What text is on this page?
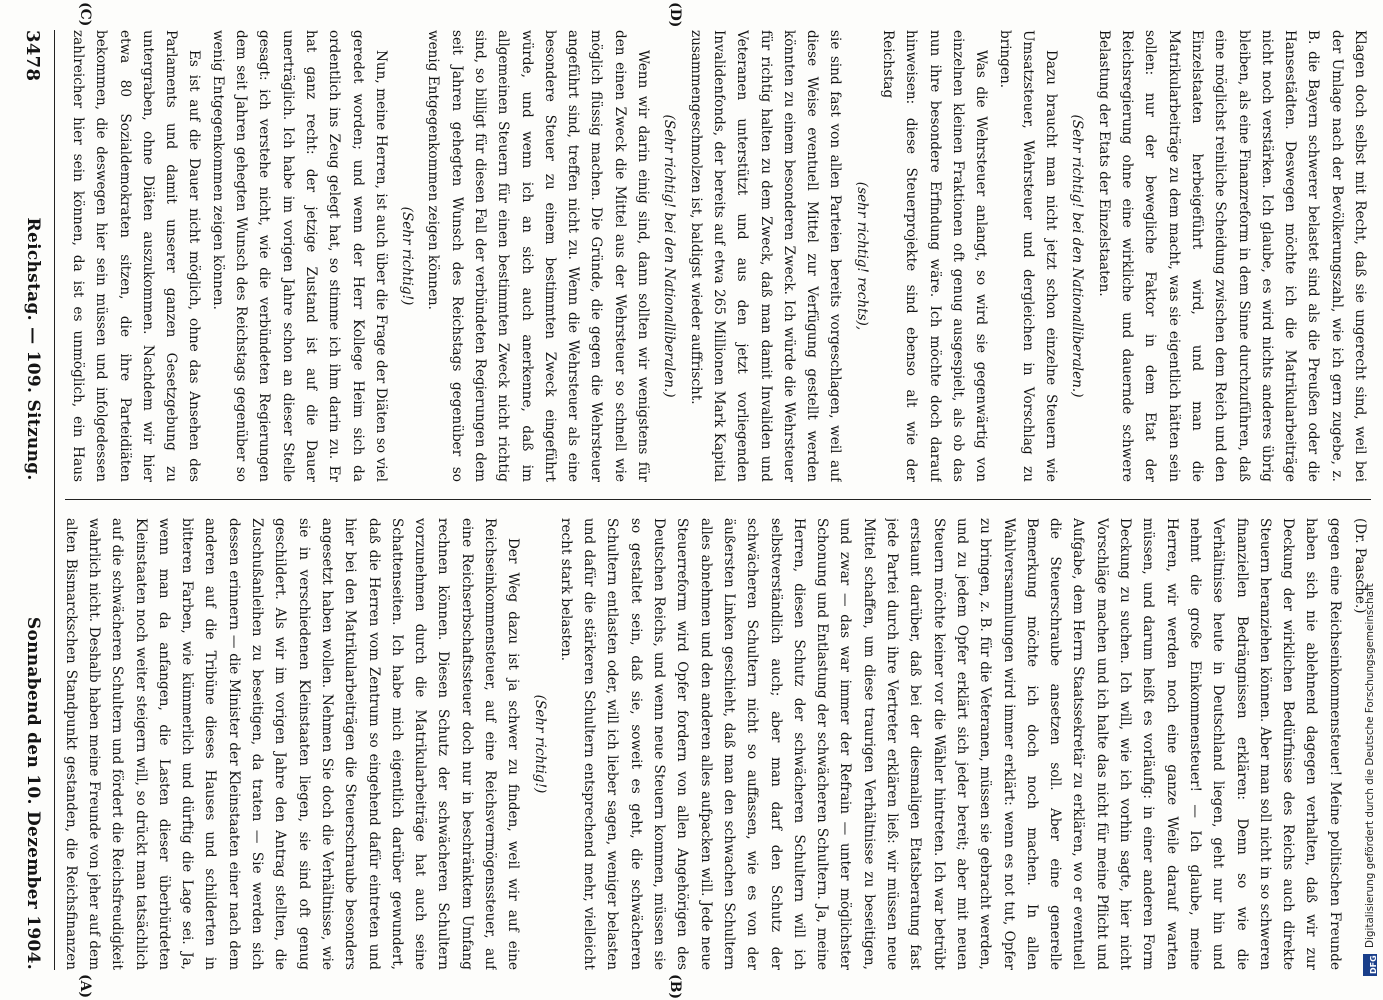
3478
Reichstag. — 109. Sitzung.
Sonnabend den 10. Dezember 1904.
(Dr. Paasche.)

gegen eine Reichseinkommensteuer! Meine politischen Freunde haben sich nie ablehnend dagegen verhalten, daß wir zur Deckung der wirklichen Bedürfnisse des Reichs auch direkte Steuern heranziehen können. Aber man soll nicht in so schweren finanziellen Bedrängnissen erklären: Denn so wie die Verhältnisse heute in Deutschland liegen, geht nur hin und nehmt die große Einkommensteuer! — Ich glaube, meine Herren, wir werden noch eine ganze Weile darauf warten müssen, und darum heißt es vorläufig: in einer anderen Form Deckung zu suchen. Ich will, wie ich vorhin sagte, hier nicht Vorschläge machen und ich halte das nicht für meine Pflicht und Aufgabe, dem Herrn Staatssekretär zu erklären, wo er eventuell die Steuerschraube ansetzen soll. Aber eine generelle Bemerkung möchte ich doch noch machen. In allen Wahlversammlungen wird immer erklärt: wenn es not tut, Opfer zu bringen, z. B. für die Veteranen, müssen sie gebracht werden, und zu jedem Opfer erklärt sich jeder bereit; aber mit neuen Steuern möchte keiner vor die Wähler hintreten. Ich war betrübt erstaunt darüber, daß bei der diesmaligen Etatsberatung fast jede Partei durch ihre Vertreter erklären ließ: wir müssen neue Mittel schaffen, um diese traurigen Verhältnisse zu beseitigen, und zwar — das war immer der Refrain — unter möglichster Schonung und Entlastung der schwächeren Schultern. Ja, meine Herren, diesen Schutz der schwächeren Schultern will ich selbstverständlich auch; aber man darf den Schutz der schwächeren Schultern nicht so auffassen, wie es von der äußersten Linken geschieht, daß man den schwachen Schultern alles abnehmen und den anderen alles aufpacken will. Jede neue Steuerreform wird Opfer fordern von allen Angehörigen des Deutschen Reichs, und wenn neue Steuern kommen, müssen sie so gestaltet sein, daß sie, soweit es geht, die schwächeren Schultern entlasten oder, will ich lieber sagen, weniger belasten und dafür die stärkeren Schultern entsprechend mehr, vielleicht recht stark belasten.

(Sehr richtig!)

Der Weg dazu ist ja schwer zu finden, weil wir auf eine Reichseinkommensteuer, auf eine Reichsvermögenssteuer, auf eine Reichserbschaftssteuer doch nur in beschränktem Umfang rechnen können. Diesen Schutz der schwächeren Schultern vorzunehmen durch die Matrikularbeiträge hat auch seine Schattenseiten. Ich habe mich eigentlich darüber gewundert, daß die Herren vom Zentrum so eingehend dafür eintreten und hier bei den Matrikularbeiträgen die Steuerschraube besonders angesetzt haben wollen. Nehmen Sie doch die Verhältnisse, wie sie in verschiedenen Kleinstaaten liegen, sie sind oft genug geschildert. Als wir im vorigen Jahre den Antrag stellten, die Zuschußanleihen zu beseitigen, da traten — Sie werden sich dessen erinnern — die Minister der Kleinstaaten einer nach dem anderen auf die Tribüne dieses Hauses und schilderten in bitteren Farben, wie kümmerlich und dürftig die Lage sei. Ja, wenn man da anfangen, die Lasten dieser überbürdeten Kleinstaaten noch weiter steigern will, so drückt man tatsächlich auf die schwächeren Schultern und fördert die Reichsfreudigkeit wahrlich nicht. Deshalb haben meine Freunde von jeher auf dem alten Bismarckschen Standpunkt gestanden, die Reichsfinanzen

Klagen doch selbst mit Recht, daß sie ungerecht sind, weil bei der Umlage nach der Bevölkerungszahl, wie ich gern zugebe, z. B. die Bayern schwerer belastet sind als die Preußen oder die Hansestädten. Deswegen möchte ich die Matrikularbeiträge nicht noch verstärken. Ich glaube, es wird nichts anderes übrig bleiben, als eine Finanzreform in dem Sinne durchzuführen, daß eine möglichst reinliche Scheidung zwischen dem Reich und den Einzelstaaten herbeigeführt wird, und man die Matrikularbeiträge zu dem macht, was sie eigentlich hätten sein sollen: nur der bewegliche Faktor in dem Etat der Reichsregierung ohne eine wirkliche und dauernde schwere Belastung der Etats der Einzelstaaten.

(Sehr richtig! bei den Nationalliberalen.)

Dazu braucht man nicht jetzt schon einzelne Steuern wie Umsatzsteuer, Wehrsteuer und dergleichen in Vorschlag zu bringen.

Was die Wehrsteuer anlangt, so wird sie gegenwärtig von einzelnen kleinen Fraktionen oft genug ausgespielt, als ob das nun ihre besondere Erfindung wäre. Ich möchte doch darauf hinweisen: diese Steuerprojekte sind ebenso alt wie der Reichstag

(sehr richtig! rechts),

sie sind fast von allen Parteien bereits vorgeschlagen, weil auf diese Weise eventuell Mittel zur Verfügung gestellt werden könnten zu einem besonderen Zweck. Ich würde die Wehrsteuer für richtig halten zu dem Zweck, daß man damit Invaliden und Veteranen unterstützt und aus den jetzt vorliegenden Invalidenfonds, der bereits auf etwa 265 Millionen Mark Kapital zusammengeschmolzen ist, baldigst wieder auffrischt.

(Sehr richtig! bei den Nationalliberalen.)

Wenn wir darin einig sind, dann sollten wir wenigstens für den einen Zweck die Mittel aus der Wehrsteuer so schnell wie möglich flüssig machen. Die Gründe, die gegen die Wehrsteuer angeführt sind, treffen nicht zu. Wenn die Wehrsteuer als eine besondere Steuer zu einem bestimmten Zweck eingeführt würde, und wenn ich an sich auch anerkenne, daß im allgemeinen Steuern für einen bestimmten Zweck nicht richtig sind, so billigt für diesen Fall der verbündeten Regierungen dem seit Jahren gehegten Wunsch des Reichstags gegenüber so wenig Entgegenkommen zeigen können.

(Sehr richtig!)

Nun, meine Herren, ist auch über die Frage der Diäten so viel geredet worden; und wenn der Herr Kollege Heim sich da ordentlich ins Zeug gelegt hat, so stimme ich ihm darin zu. Er hat ganz recht: der jetzige Zustand ist auf die Dauer unerträglich. Ich habe im vorigen Jahre schon an dieser Stelle gesagt: ich verstehe nicht, wie die verbündeten Regierungen dem seit Jahren gehegten Wunsch des Reichstags gegenüber so wenig Entgegenkommen zeigen können.

Es ist auf die Dauer nicht möglich, ohne das Ansehen des Parlaments und damit unserer ganzen Gesetzgebung zu untergraben, ohne Diäten auszukommen. Nachdem wir hier etwa 80 Sozialdemokraten sitzen, die ihre Parteidiäten bekommen, die deswegen hier sein müssen und infolgedessen zahlreicher hier sein können, da ist es unmöglich, ein Haus

(A)	(B)
(C)	(D)
DFG
Digitalisierung gefördert durch die Deutsche Forschungsgemeinschaft
